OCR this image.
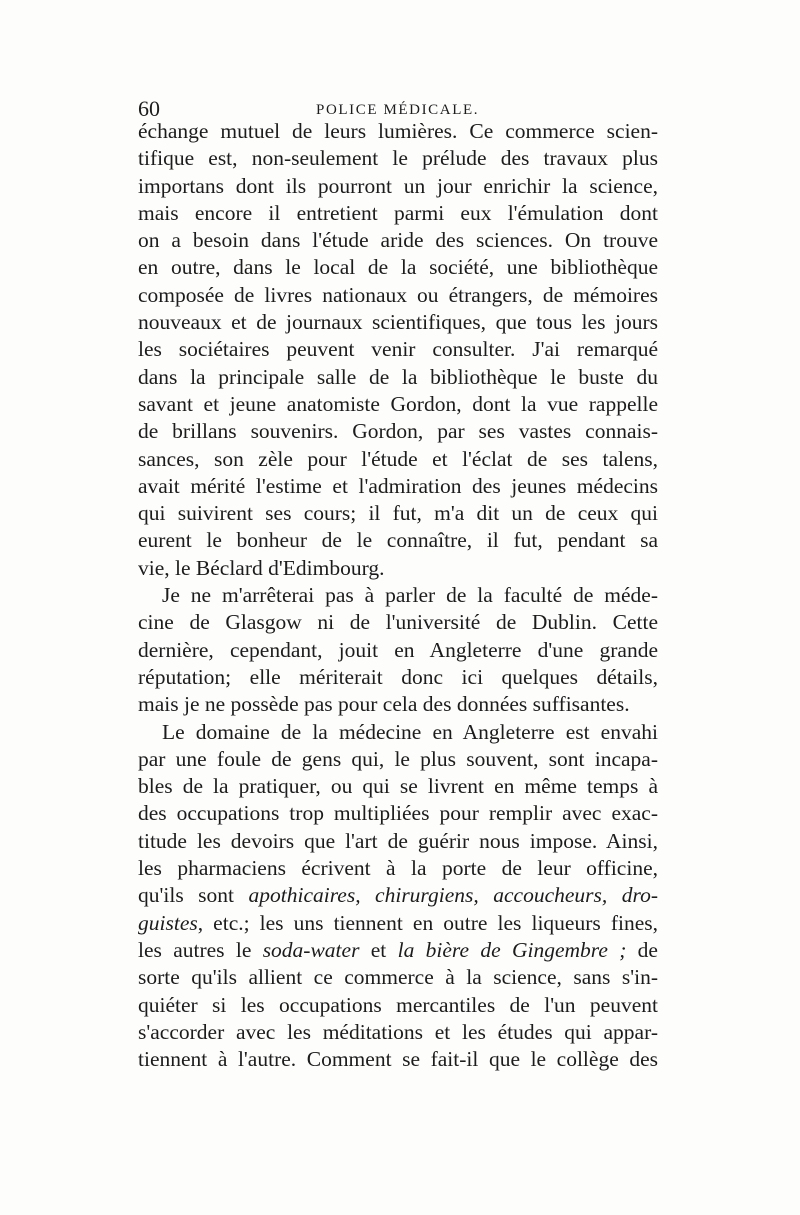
60	POLICE MÉDICALE.
échange mutuel de leurs lumières. Ce commerce scien-
tifique est, non-seulement le prélude des travaux plus
importans dont ils pourront un jour enrichir la science,
mais encore il entretient parmi eux l'émulation dont
on a besoin dans l'étude aride des sciences. On trouve
en outre, dans le local de la société, une bibliothèque
composée de livres nationaux ou étrangers, de mémoires
nouveaux et de journaux scientifiques, que tous les jours
les sociétaires peuvent venir consulter. J'ai remarqué
dans la principale salle de la bibliothèque le buste du
savant et jeune anatomiste Gordon, dont la vue rappelle
de brillans souvenirs. Gordon, par ses vastes connais-
sances, son zèle pour l'étude et l'éclat de ses talens,
avait mérité l'estime et l'admiration des jeunes médecins
qui suivirent ses cours; il fut, m'a dit un de ceux qui
eurent le bonheur de le connaître, il fut, pendant sa
vie, le Béclard d'Edimbourg.
Je ne m'arrêterai pas à parler de la faculté de méde-
cine de Glasgow ni de l'université de Dublin. Cette
dernière, cependant, jouit en Angleterre d'une grande
réputation; elle mériterait donc ici quelques détails,
mais je ne possède pas pour cela des données suffisantes.
Le domaine de la médecine en Angleterre est envahi
par une foule de gens qui, le plus souvent, sont incapa-
bles de la pratiquer, ou qui se livrent en même temps à
des occupations trop multipliées pour remplir avec exac-
titude les devoirs que l'art de guérir nous impose. Ainsi,
les pharmaciens écrivent à la porte de leur officine,
qu'ils sont apothicaires, chirurgiens, accoucheurs, dro-
guistes, etc.; les uns tiennent en outre les liqueurs fines,
les autres le soda-water et la bière de Gingembre ; de
sorte qu'ils allient ce commerce à la science, sans s'in-
quiéter si les occupations mercantiles de l'un peuvent
s'accorder avec les méditations et les études qui appar-
tiennent à l'autre. Comment se fait-il que le collège des
